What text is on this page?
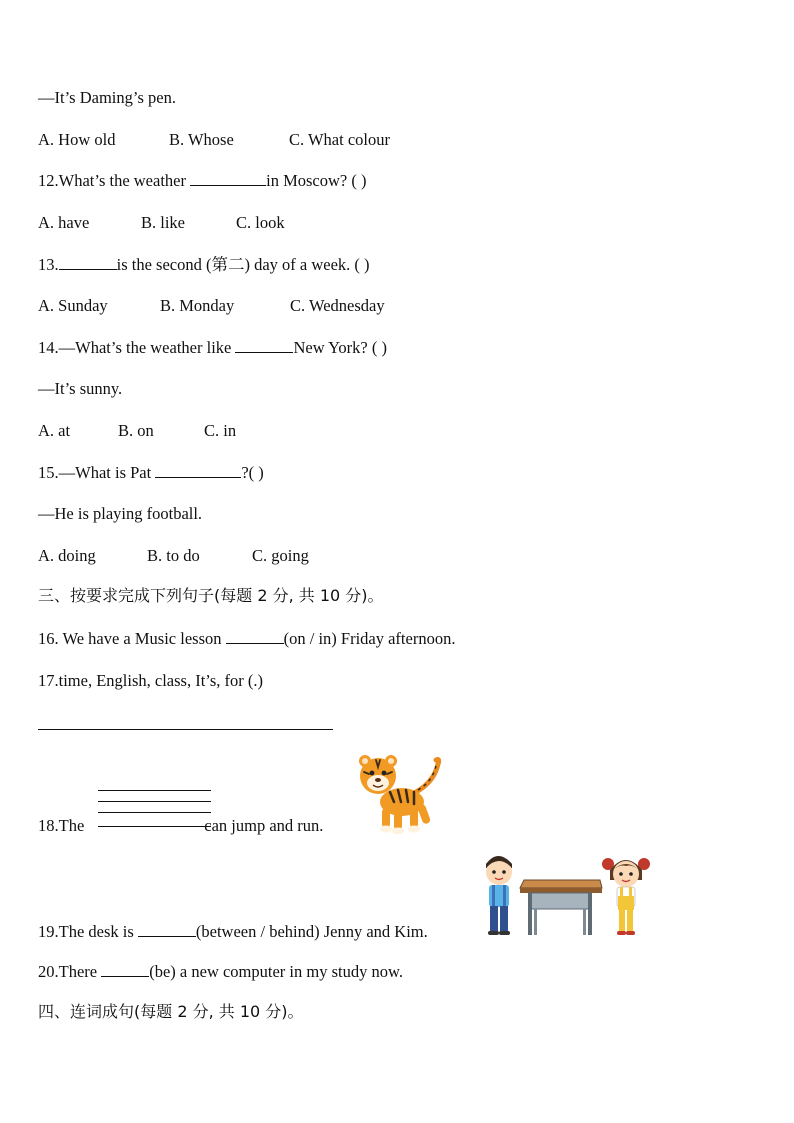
—It’s Daming’s pen.
A. How old	B. Whose	C. What colour
12.What’s the weather	in Moscow? ( )
A. have	B. like	C. look
13.	is the second (第二) day of a week. ( )
A. Sunday	B. Monday	C. Wednesday
14.—What’s the weather like	New York? ( )
—It’s sunny.
A. at	B. on	C. in
15.—What is Pat	?( )
—He is playing football.
A. doing	B. to do	C. going
三、按要求完成下列句子(每题 2 分, 共 10 分)。
16. We have a Music lesson	(on / in) Friday afternoon.
17.time, English, class, It’s, for (.)
18.The	can jump and run.
19.The desk is	(between / behind) Jenny and Kim.
20.There	(be) a new computer in my study now.
四、连词成句(每题 2 分, 共 10 分)。
